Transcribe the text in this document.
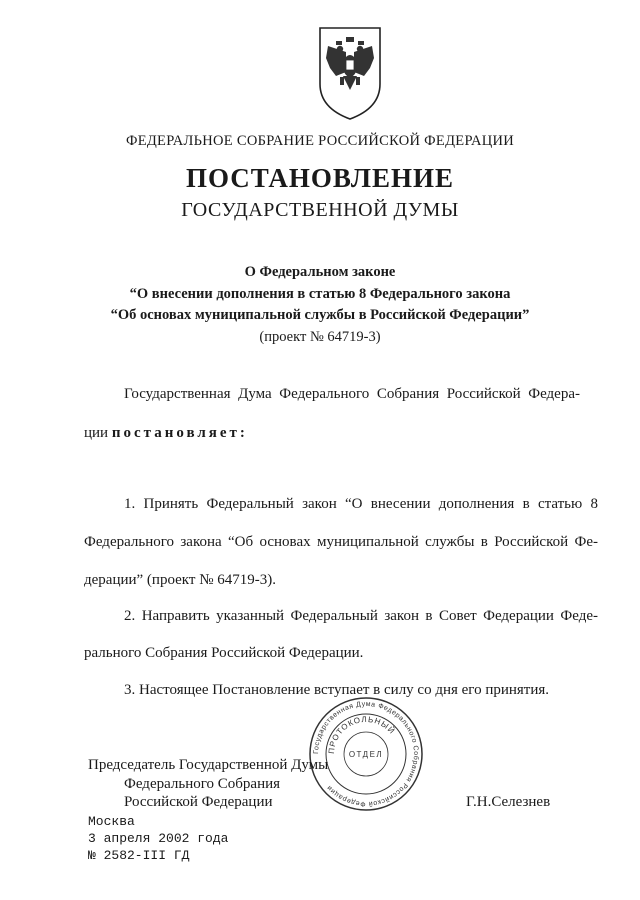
ФЕДЕРАЛЬНОЕ СОБРАНИЕ РОССИЙСКОЙ ФЕДЕРАЦИИ
ПОСТАНОВЛЕНИЕ
ГОСУДАРСТВЕННОЙ ДУМЫ
О Федеральном законе
“О внесении дополнения в статью 8 Федерального закона
“Об основах муниципальной службы в Российской Федерации”
(проект № 64719-3)
Государственная Дума Федерального Собрания Российской Федера-
ции постановляет:
1. Принять Федеральный закон “О внесении дополнения в статью 8
Федерального закона “Об основах муниципальной службы в Российской Фе-
дерации” (проект № 64719-3).
2. Направить указанный Федеральный закон в Совет Федерации Феде-
рального Собрания Российской Федерации.
3. Настоящее Постановление вступает в силу со дня его принятия.
Государственная Дума Федерального Собрания Российской Федерации
ПРОТОКОЛЬНЫЙ
ОТДЕЛ
Председатель Государственной Думы
Федерального Собрания
Российской Федерации	Г.Н.Селезнев
Москва
3 апреля 2002 года
№ 2582-III ГД
